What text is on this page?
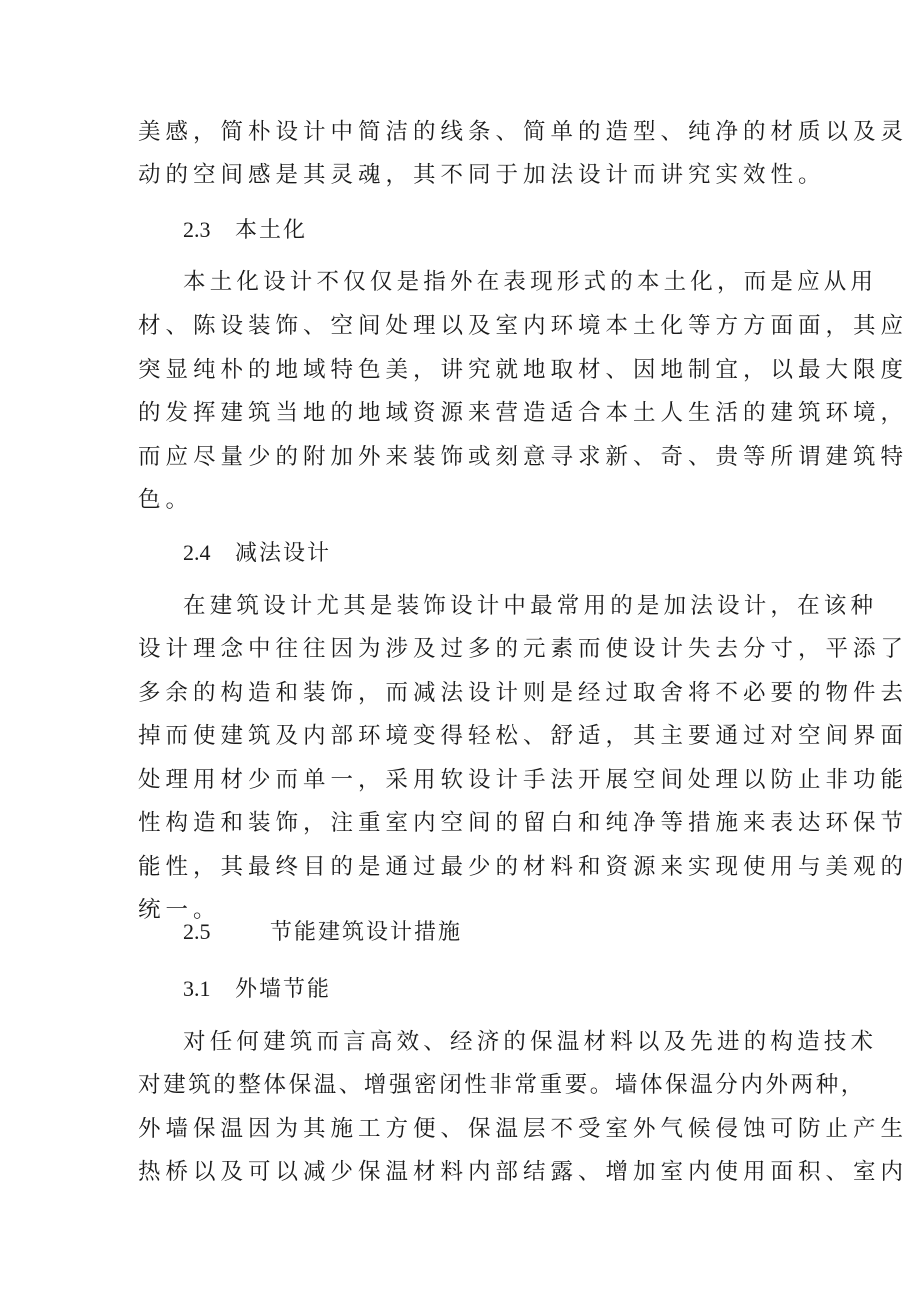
美感，简朴设计中简洁的线条、简单的造型、纯净的材质以及灵
动的空间感是其灵魂，其不同于加法设计而讲究实效性。
2.3 本土化
本土化设计不仅仅是指外在表现形式的本土化，而是应从用
材、陈设装饰、空间处理以及室内环境本土化等方方面面，其应
突显纯朴的地域特色美，讲究就地取材、因地制宜，以最大限度
的发挥建筑当地的地域资源来营造适合本土人生活的建筑环境，
而应尽量少的附加外来装饰或刻意寻求新、奇、贵等所谓建筑特
色。
2.4 减法设计
在建筑设计尤其是装饰设计中最常用的是加法设计，在该种
设计理念中往往因为涉及过多的元素而使设计失去分寸，平添了
多余的构造和装饰，而减法设计则是经过取舍将不必要的物件去
掉而使建筑及内部环境变得轻松、舒适，其主要通过对空间界面
处理用材少而单一，采用软设计手法开展空间处理以防止非功能
性构造和装饰，注重室内空间的留白和纯净等措施来表达环保节
能性，其最终目的是通过最少的材料和资源来实现使用与美观的
统一。
2.5	节能建筑设计措施
3.1 外墙节能
对任何建筑而言高效、经济的保温材料以及先进的构造技术
对建筑的整体保温、增强密闭性非常重要。墙体保温分内外两种，
外墙保温因为其施工方便、保温层不受室外气候侵蚀可防止产生
热桥以及可以减少保温材料内部结露、增加室内使用面积、室内
